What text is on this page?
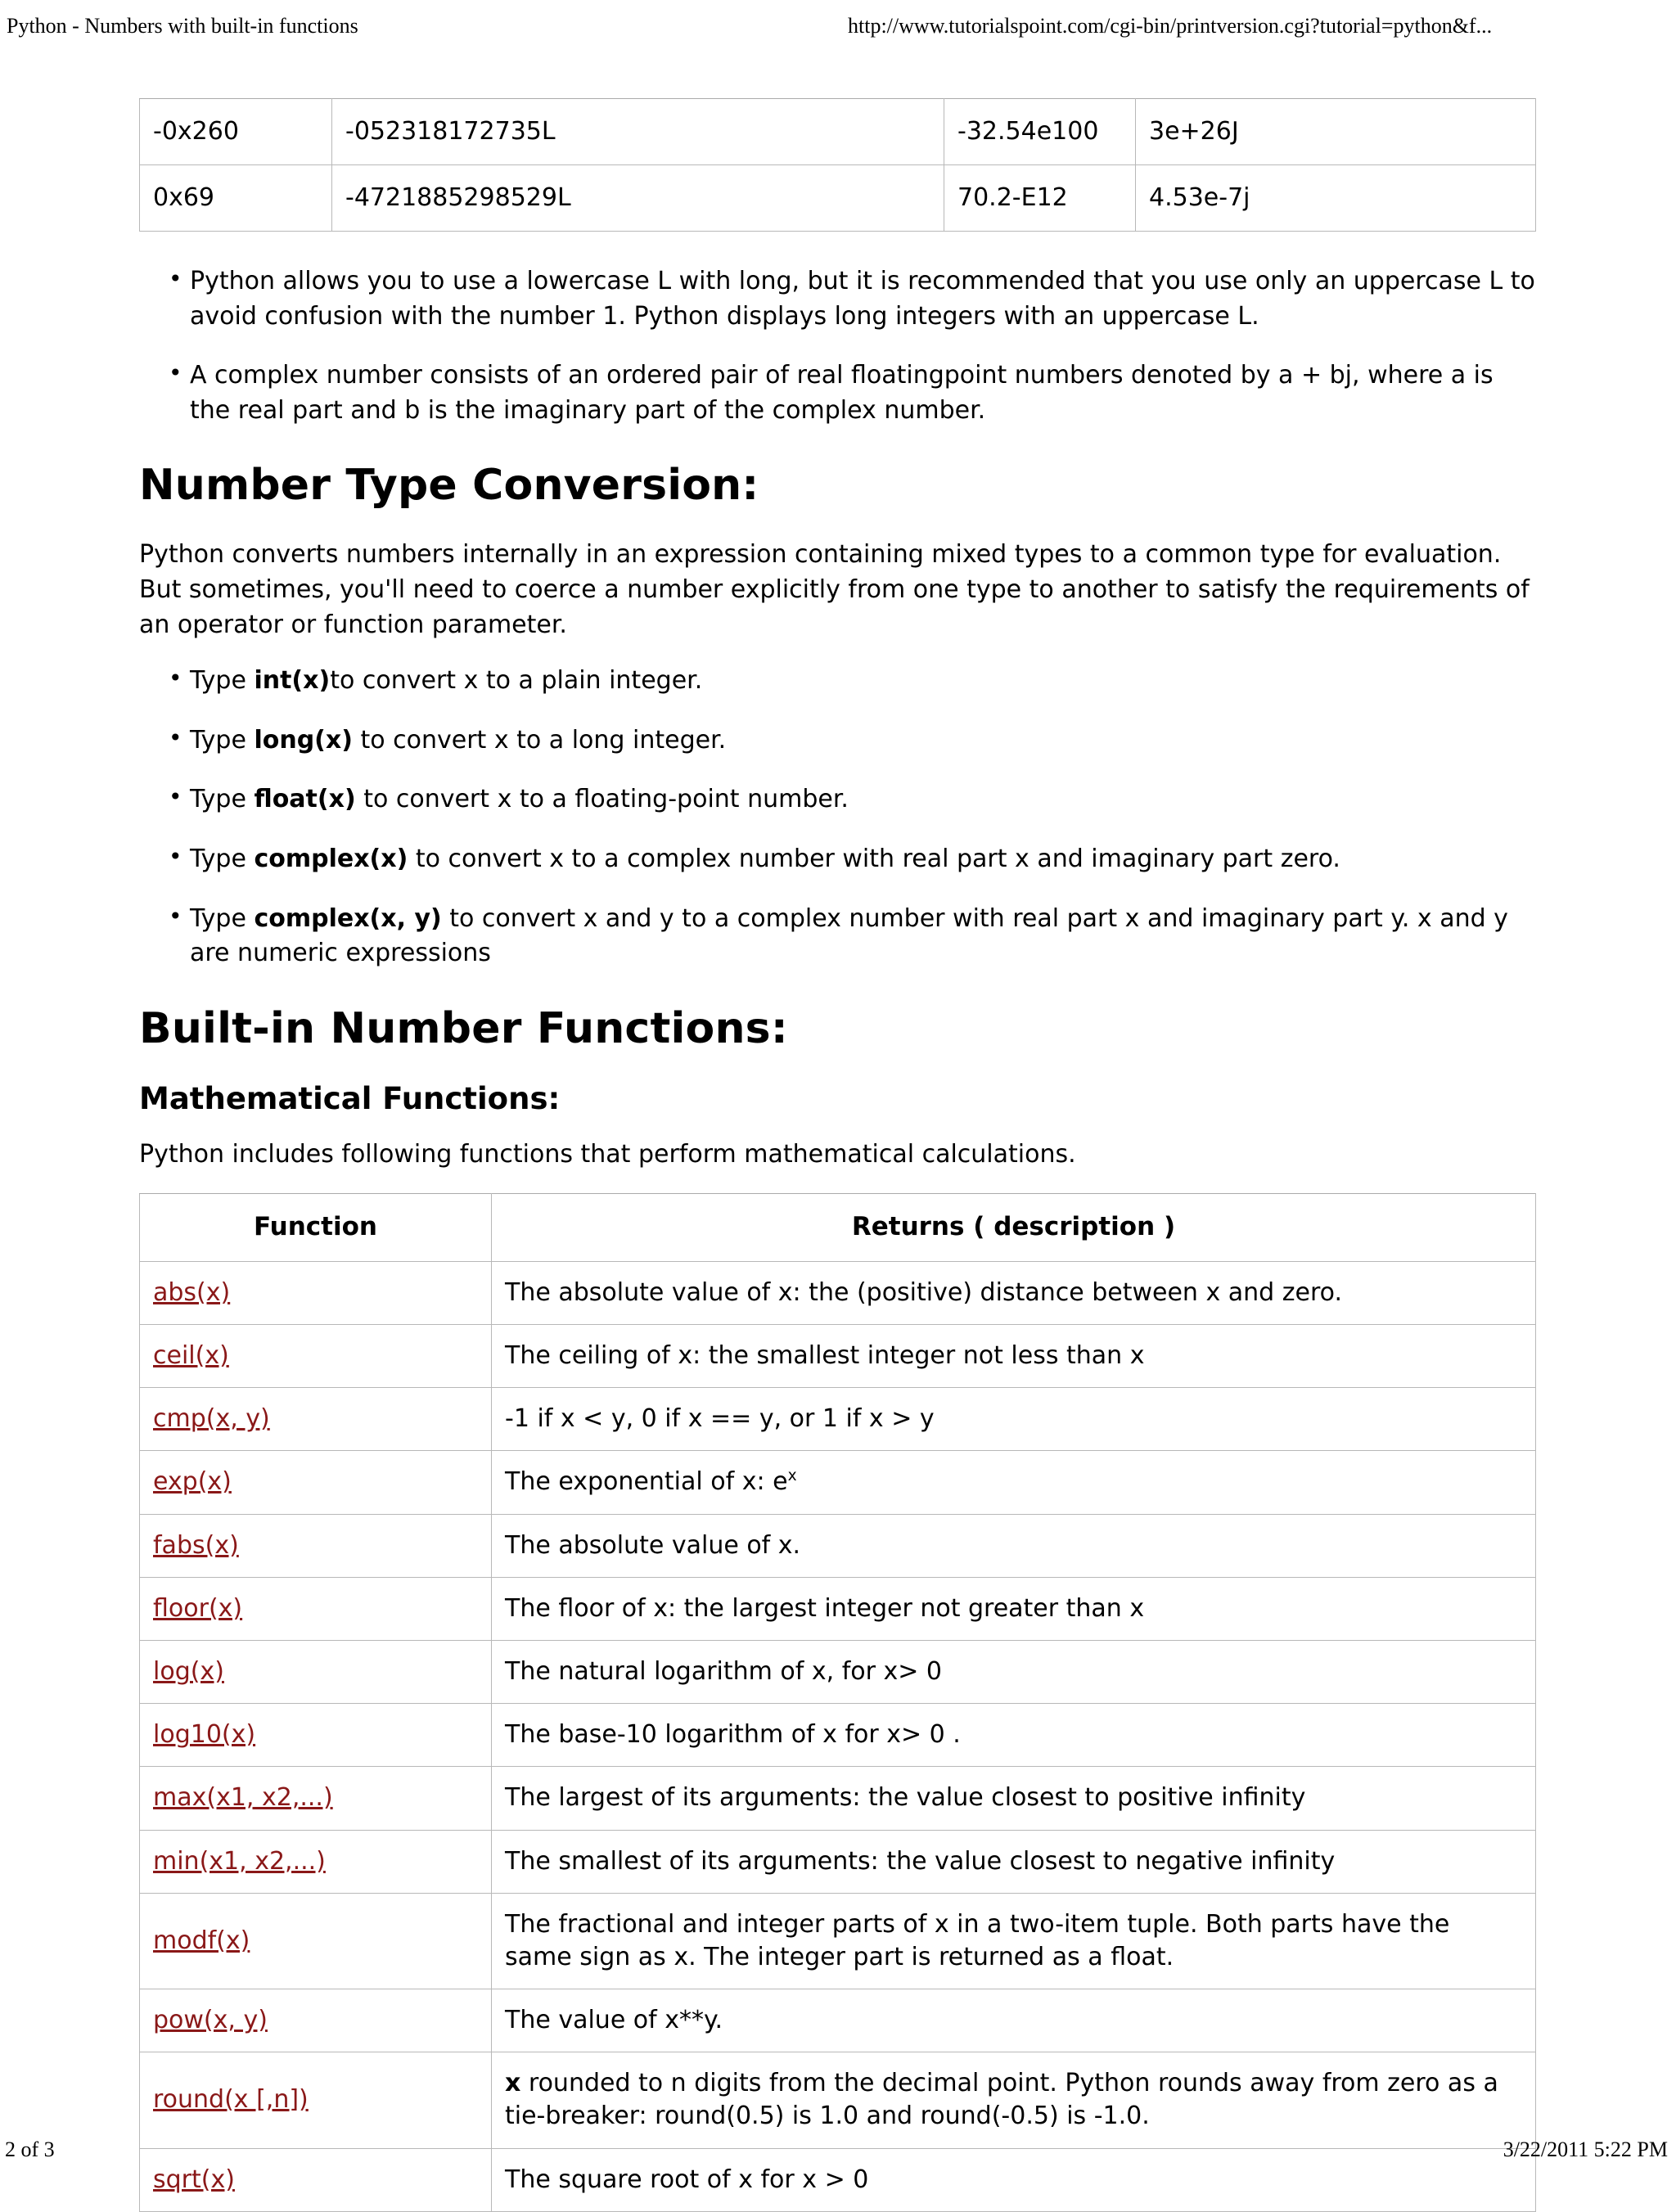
Python - Numbers with built-in functions	http://www.tutorialspoint.com/cgi-bin/printversion.cgi?tutorial=python&f...
-0x260	-052318172735L	-32.54e100	3e+26J
0x69	-4721885298529L	70.2-E12	4.53e-7j
• Python allows you to use a lowercase L with long, but it is recommended that you use only an uppercase L to avoid confusion with the number 1. Python displays long integers with an uppercase L.
• A complex number consists of an ordered pair of real floatingpoint numbers denoted by a + bj, where a is the real part and b is the imaginary part of the complex number.
Number Type Conversion:

Python converts numbers internally in an expression containing mixed types to a common type for evaluation. But sometimes, you'll need to coerce a number explicitly from one type to another to satisfy the requirements of an operator or function parameter.

• Type int(x)to convert x to a plain integer.
• Type long(x) to convert x to a long integer.
• Type float(x) to convert x to a floating-point number.
• Type complex(x) to convert x to a complex number with real part x and imaginary part zero.
• Type complex(x, y) to convert x and y to a complex number with real part x and imaginary part y. x and y are numeric expressions
Built-in Number Functions:
Mathematical Functions:

Python includes following functions that perform mathematical calculations.

Function	Returns ( description )
abs(x)	The absolute value of x: the (positive) distance between x and zero.
ceil(x)	The ceiling of x: the smallest integer not less than x
cmp(x, y)	-1 if x < y, 0 if x == y, or 1 if x > y
exp(x)	The exponential of x: $e^x$
fabs(x)	The absolute value of x.
floor(x)	The floor of x: the largest integer not greater than x
log(x)	The natural logarithm of x, for x> 0
log10(x)	The base-10 logarithm of x for x> 0 .
max(x1, x2,...)	The largest of its arguments: the value closest to positive infinity
min(x1, x2,...)	The smallest of its arguments: the value closest to negative infinity
modf(x)	The fractional and integer parts of x in a two-item tuple. Both parts have the same sign as x. The integer part is returned as a float.
pow(x, y)	The value of x**y.
round(x [,n])	x rounded to n digits from the decimal point. Python rounds away from zero as a tie-breaker: round(0.5) is 1.0 and round(-0.5) is -1.0.
sqrt(x)	The square root of x for x > 0
2 of 3	3/22/2011 5:22 PM
